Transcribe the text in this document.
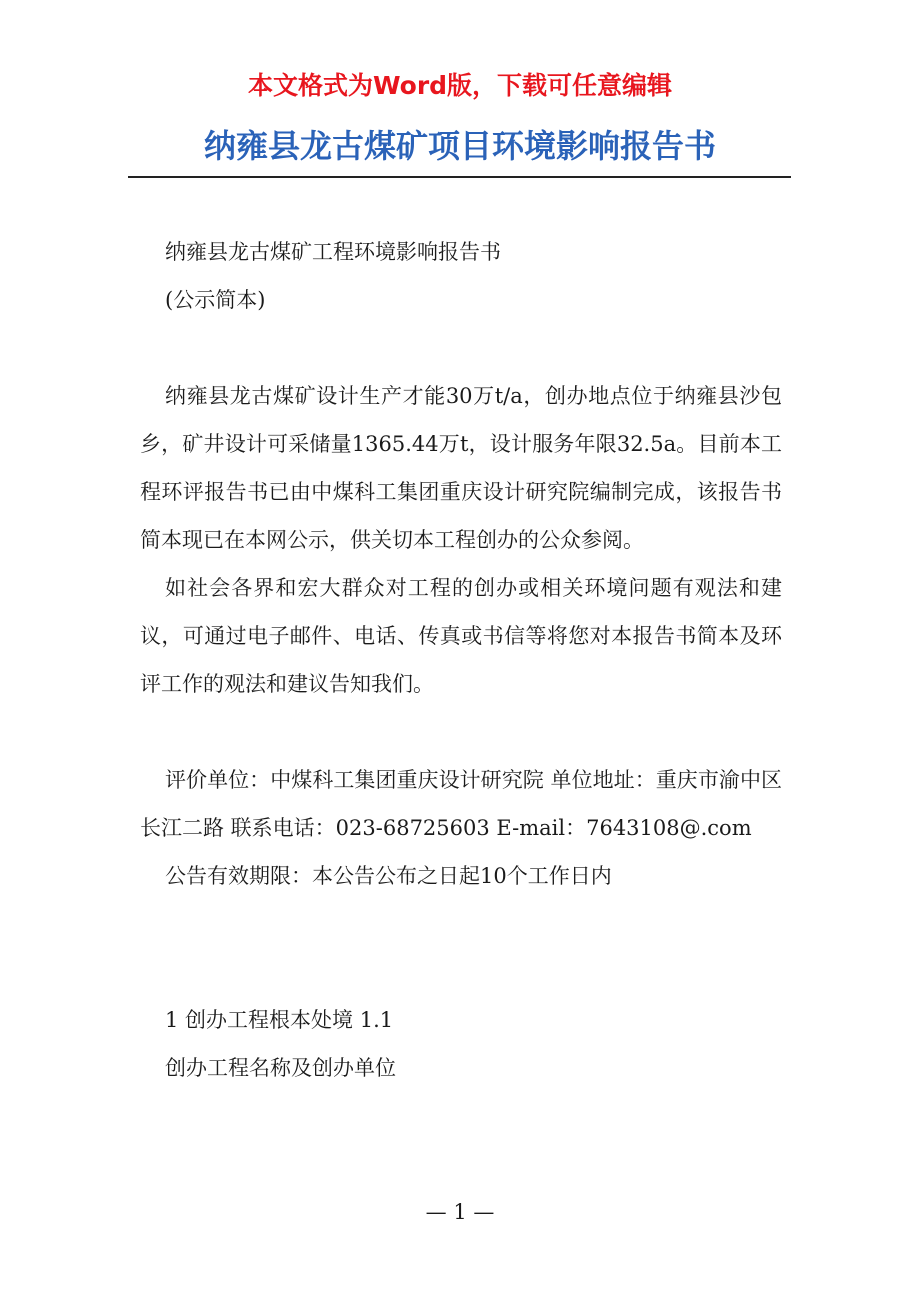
本文格式为Word版，下载可任意编辑
纳雍县龙古煤矿项目环境影响报告书

纳雍县龙古煤矿工程环境影响报告书

(公示简本)

纳雍县龙古煤矿设计生产才能30万t/a，创办地点位于纳雍县沙包乡，矿井设计可采储量1365.44万t，设计服务年限32.5a。目前本工程环评报告书已由中煤科工集团重庆设计研究院编制完成，该报告书简本现已在本网公示，供关切本工程创办的公众参阅。

如社会各界和宏大群众对工程的创办或相关环境问题有观法和建议，可通过电子邮件、电话、传真或书信等将您对本报告书简本及环评工作的观法和建议告知我们。

评价单位：中煤科工集团重庆设计研究院 单位地址：重庆市渝中区长江二路 联系电话：023-68725603 E-mail：7643108@.com

公告有效期限：本公告公布之日起10个工作日内

1 创办工程根本处境 1.1

创办工程名称及创办单位

— 1 —
